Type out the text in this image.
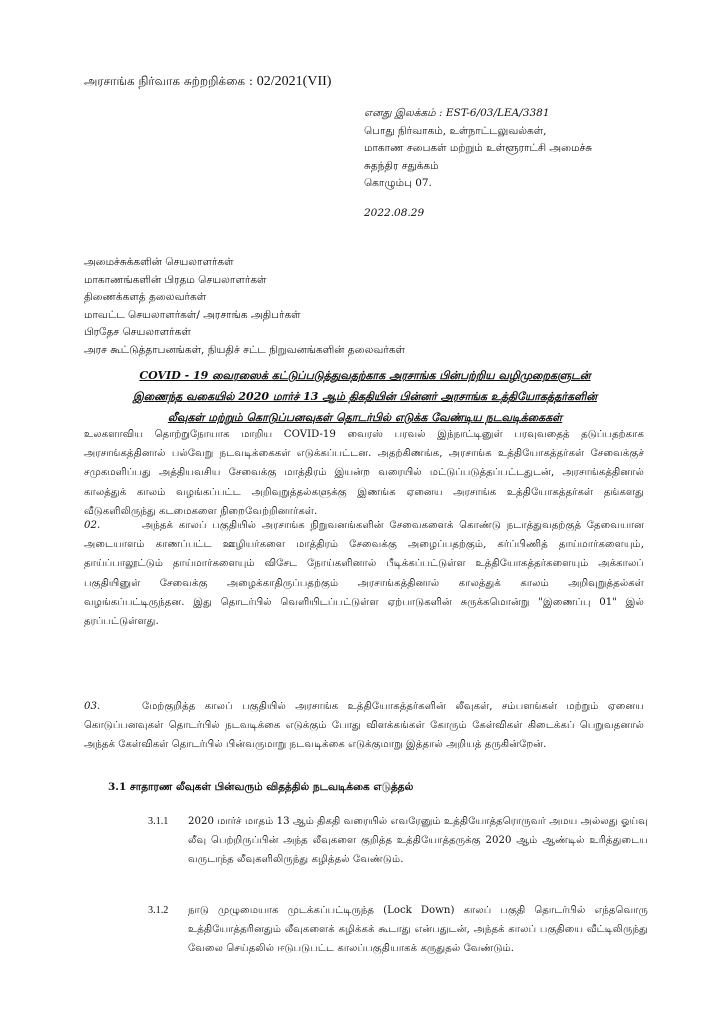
அரசாங்க நிர்வாக சுற்றறிக்கை : 02/2021(VII)
எனது இலக்கம் : EST-6/03/LEA/3381
பொது நிர்வாகம், உள்நாட்டலுவல்கள்,
மாகாண சபைகள் மற்றும் உள்ளூராட்சி அமைச்சு
சுதந்திர சதுக்கம்
கொழும்பு 07.
2022.08.29
அமைச்சுக்களின் செயலாளர்கள்
மாகாணங்களின் பிரதம செயலாளர்கள்
திணைக்களத் தலைவர்கள்
மாவட்ட செயலாளர்கள்/ அரசாங்க அதிபர்கள்
பிரதேச செயலாளர்கள்
அரச கூட்டுத்தாபனங்கள், நியதிச் சட்ட நிறுவனங்களின் தலைவர்கள்
COVID - 19 வைரஸைக் கட்டுப்படுத்துவதற்காக அரசாங்க பின்பற்றிய வழிமுறைகளுடன்
இணைந்த வகையில் 2020 மார்ச் 13 ஆம் திகதியின் பின்னர் அரசாங்க உத்தியோகத்தர்களின்
லீவுகள் மற்றும் கொடுப்பனவுகள் தொடர்பில் எடுக்க வேண்டிய நடவடிக்கைகள்
உலகளாவிய தொற்றுநோயாக மாறிய COVID-19 வைரஸ் பரவல் இந்நாட்டினுள் பரவுவதைத் தடுப்பதற்காக அரசாங்கத்தினால் பல்வேறு நடவடிக்கைகள் எடுக்கப்பட்டன. அதற்கிணங்க, அரசாங்க உத்தியோகத்தர்கள் சேவைக்குச் சமுகமளிப்பது அத்தியவசிய சேவைக்கு மாத்திரம் இயன்ற வரையில் மட்டுப்படுத்தப்பட்டதுடன், அரசாங்கத்தினால் காலத்துக் காலம் வழங்கப்பட்ட அறிவுறுத்தல்களுக்கு இணங்க ஏனைய அரசாங்க உத்தியோகத்தர்கள் தங்களது வீடுகளிலிருந்து கடமைகளை நிறைவேற்றினார்கள்.
02.	அந்தக் காலப் பகுதியில் அரசாங்க நிறுவனங்களின் சேவைகளைக் கொண்டு நடாத்துவதற்குத் தேவையான அடையாளம் காணப்பட்ட ஊழியர்களை மாத்திரம் சேவைக்கு அழைப்பதற்கும், கர்ப்பிணித் தாய்மார்களையும், தாய்ப்பாலூட்டும் தாய்மார்களையும் விசேட நோய்களினால் பீடிக்கப்பட்டுள்ள உத்தியோகத்தர்களையும் அக்காலப் பகுதியினுள் சேவைக்கு அழைக்காதிருப்பதற்கும் அரசாங்கத்தினால் காலத்துக் காலம் அறிவுறுத்தல்கள் வழங்கப்பட்டிருந்தன. இது தொடர்பில் வெளியிடப்பட்டுள்ள ஏற்பாடுகளின் சுருக்கமொன்று "இணைப்பு 01" இல் தரப்பட்டுள்ளது.
03.	மேற்குறித்த காலப் பகுதியில் அரசாங்க உத்தியோகத்தர்களின் லீவுகள், சம்பளங்கள் மற்றும் ஏனைய கொடுப்பனவுகள் தொடர்பில் நடவடிக்கை எடுக்கும் போது விளக்கங்கள் கோரும் கேள்விகள் கிடைக்கப் பெறுவதனால் அந்தக் கேள்விகள் தொடர்பில் பின்வருமாறு நடவடிக்கை எடுக்குமாறு இத்தால் அறியத் தருகின்றேன்.
3.1 சாதாரண லீவுகள் பின்வரும் விதத்தில் நடவடிக்கை எடுத்தல்
3.1.1	2020 மார்ச் மாதம் 13 ஆம் திகதி வரையில் எவரேனும் உத்தியோத்தரொருவர் அமய அல்லது ஓய்வு லீவு பெற்றிருப்பின் அந்த லீவுகளை குறித்த உத்தியோத்தருக்கு 2020 ஆம் ஆண்டில் உரித்துடைய வருடாந்த லீவுகளிலிருந்து கழித்தல் வேண்டும்.
3.1.2	நாடு முழுமையாக முடக்கப்பட்டிருந்த (Lock Down) காலப் பகுதி தொடர்பில் எந்தவொரு உத்தியோத்தரினதும் லீவுகளைக் கழிக்கக் கூடாது என்பதுடன், அந்தக் காலப் பகுதியை வீட்டிலிருந்து வேலை செய்தலில் ஈடுபடுபட்ட காலப்பகுதியாகக் கருதுதல் வேண்டும்.
